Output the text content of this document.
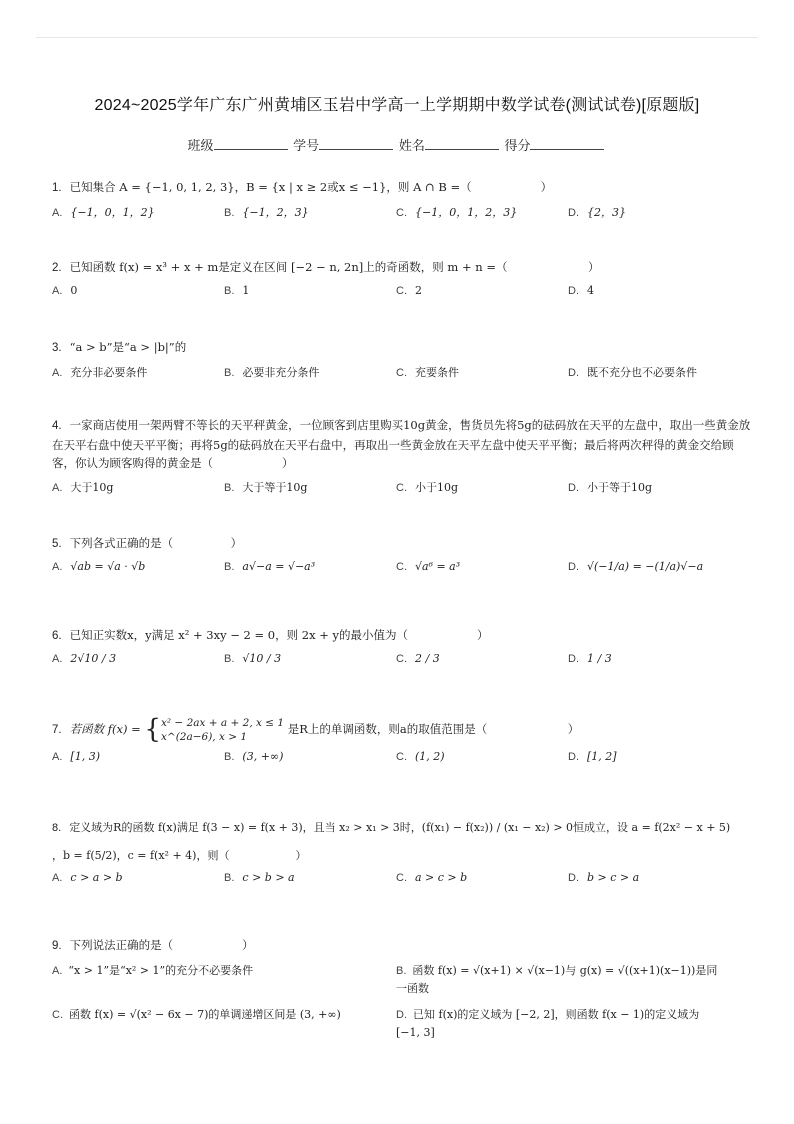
2024~2025学年广东广州黄埔区玉岩中学高一上学期期中数学试卷(测试试卷)[原题版]
班级	学号	姓名	得分
1. 已知集合 A = {−1, 0, 1, 2, 3}，B = {x | x ≥ 2或x ≤ −1}，则 A ∩ B =（　　　　　　）
A. {−1，0，1，2}	B. {−1，2，3}	C. {−1，0，1，2，3}	D. {2，3}
2. 已知函数 f(x) = x³ + x + m是定义在区间 [−2 − n, 2n]上的奇函数，则 m + n =（　　　　　　　）
A. 0	B. 1	C. 2	D. 4
3. “a > b”是“a > |b|”的
A. 充分非必要条件	B. 必要非充分条件	C. 充要条件	D. 既不充分也不必要条件
4. 一家商店使用一架两臂不等长的天平秤黄金，一位顾客到店里购买10g黄金，售货员先将5g的砝码放在天平的左盘中，取出一些黄金放在天平右盘中使天平平衡；再将5g的砝码放在天平右盘中，再取出一些黄金放在天平左盘中使天平平衡；最后将两次秤得的黄金交给顾客，你认为顾客购得的黄金是（　　　　　　）
A. 大于10g	B. 大于等于10g	C. 小于10g	D. 小于等于10g
5. 下列各式正确的是（　　　　　）
A. √ab = √a · √b	B. a√−a = √−a³	C. √a⁶ = a³	D. √(−1/a) = −(1/a)√−a
6. 已知正实数x，y满足 x² + 3xy − 2 = 0，则 2x + y的最小值为（　　　　　　）
A. 2√10 / 3	B. √10 / 3	C. 2 / 3	D. 1 / 3
7. 若函数 f(x) = { x² − 2ax + a + 2, x ≤ 1
x^(2a−6), x > 1
是R上的单调函数，则a的取值范围是（　　　　　　　）
A. [1, 3)	B. (3, +∞)	C. (1, 2)	D. [1, 2]
8. 定义域为R的函数 f(x)满足 f(3 − x) = f(x + 3)，且当 x₂ > x₁ > 3时，(f(x₁) − f(x₂)) / (x₁ − x₂) > 0恒成立，设 a = f(2x² − x + 5)
，b = f(5/2)，c = f(x² + 4)，则（　　　　　　）
A. c > a > b	B. c > b > a	C. a > c > b	D. b > c > a
9. 下列说法正确的是（　　　　　　）
A. “x > 1”是“x² > 1”的充分不必要条件	B. 函数 f(x) = √(x+1) × √(x−1)与 g(x) = √((x+1)(x−1))是同一函数
C. 函数 f(x) = √(x² − 6x − 7)的单调递增区间是 (3, +∞)	D. 已知 f(x)的定义域为 [−2, 2]，则函数 f(x − 1)的定义域为 [−1, 3]
